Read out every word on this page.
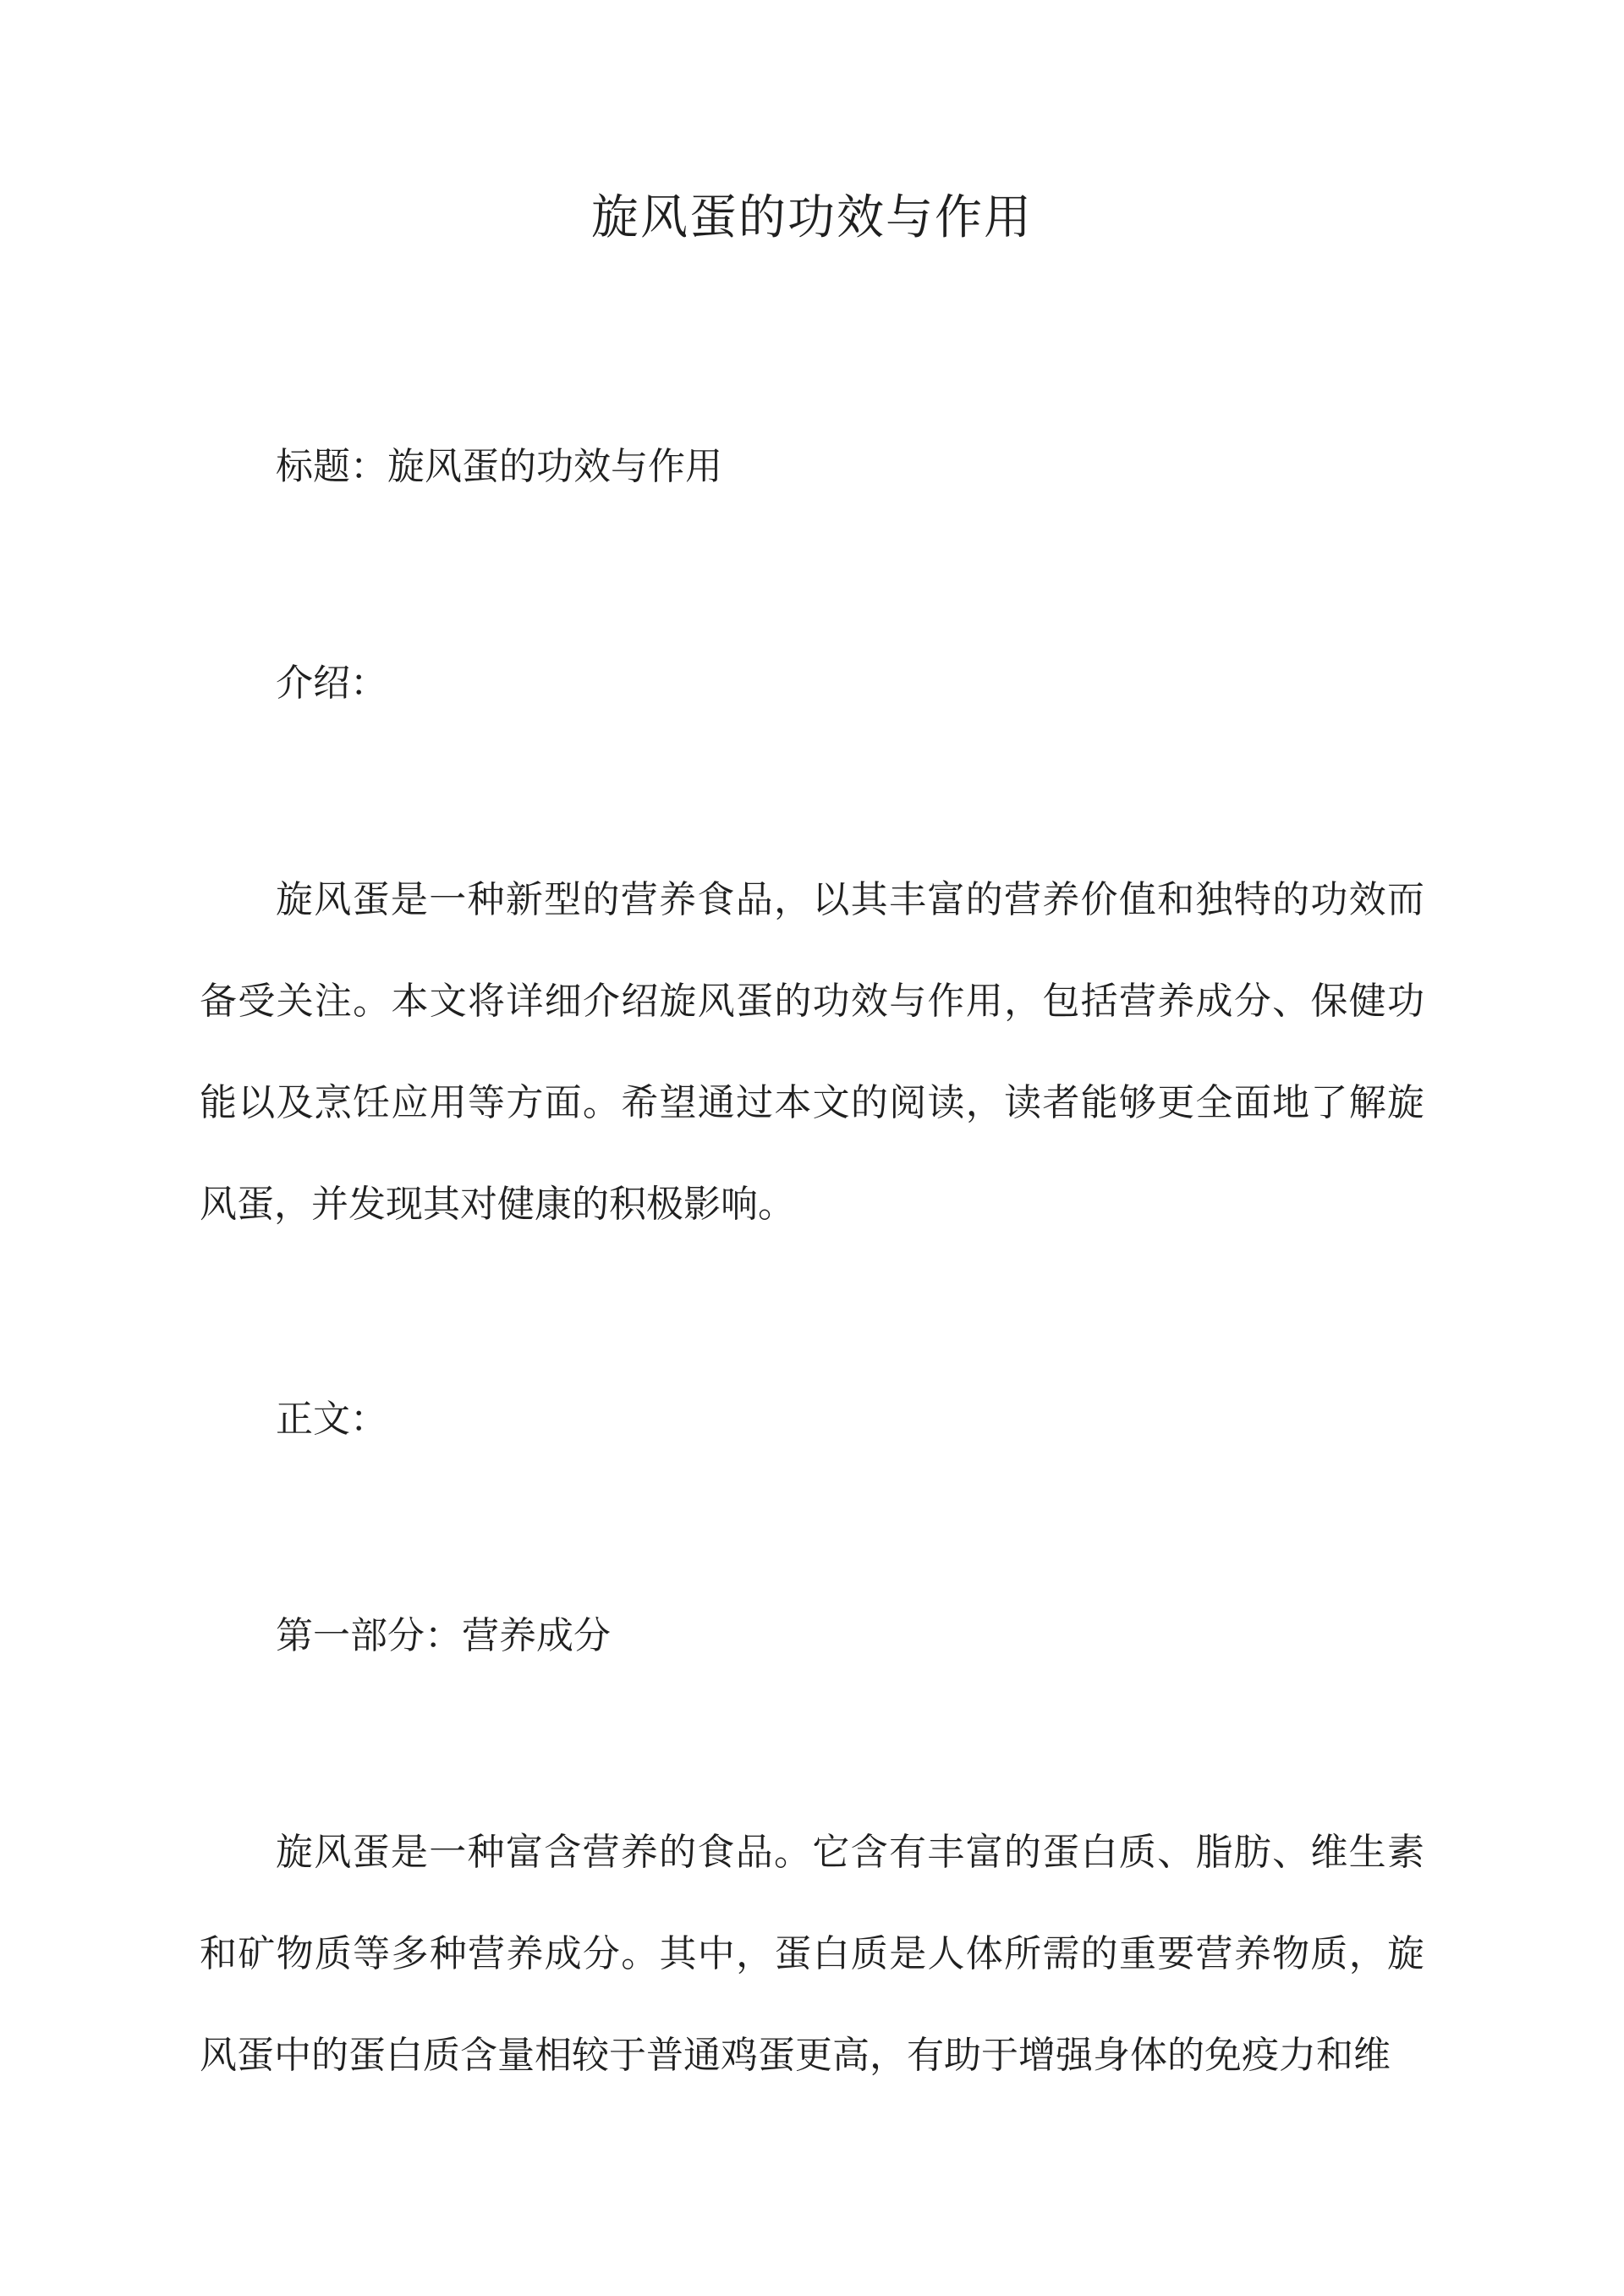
旋风蛋的功效与作用

标题：旋风蛋的功效与作用

介绍：

旋风蛋是一种新型的营养食品，以其丰富的营养价值和独特的功效而备受关注。本文将详细介绍旋风蛋的功效与作用，包括营养成分、保健功能以及烹饪应用等方面。希望通过本文的阅读，读者能够更全面地了解旋风蛋，并发现其对健康的积极影响。

正文：

第一部分：营养成分

旋风蛋是一种富含营养的食品。它含有丰富的蛋白质、脂肪、维生素和矿物质等多种营养成分。其中，蛋白质是人体所需的重要营养物质，旋风蛋中的蛋白质含量相较于普通鸡蛋更高，有助于增强身体的免疫力和维
